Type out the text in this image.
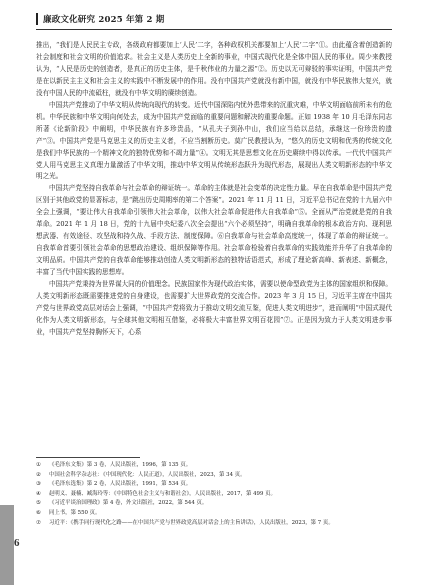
廉政文化研究 2025 年第 2 期

推出，“我们是人民民主专政，各级政府都要加上‘人民’二字，各种政权机关都要加上‘人民’二字”①。由此蕴含着创造新的社会制度和社会文明的价值追求。社会主义是人类历史上全新的事业，中国式现代化是全体中国人民的事业。周少来教授认为，“人民是历史的创造者，是真正的历史主体，是千秋伟业的力量之源”②。历史以无可辩驳的事实证明，中国共产党是在以新民主主义和社会主义的实践中不断发展中的作用。没有中国共产党就没有新中国，就没有中华民族伟大复兴，就没有中国人民的中流砥柱，就没有中华文明的赓续创造。

中国共产党推动了中华文明从传统向现代的转变。近代中国深陷内忧外患带来的沉重灾难，中华文明面临前所未有的危机。中华民族和中华文明向何处去，成为中国共产党面临的重要问题和解决的重要命题。正如 1938 年 10 月毛泽东同志所著《论新阶段》中阐明，中华民族有许多珍贵品，“从孔夫子到孙中山，我们应当给以总结，承继这一份珍贵的遗产”③。中国共产党是马克思主义的历史主义者，不应当割断历史。莫广民教授认为，“悠久的历史文明和优秀的传统文化是我们中华民族的一个精神文化的独特优势和不竭力量”④。文明无其是思想文化在历史赓续中得以传承。一代代中国共产党人用马克思主义真理力量激活了中华文明，推动中华文明从传统形态跃升为现代形态，展现出人类文明新形态的中华文明之光。

中国共产党坚持自我革命与社会革命的辩证统一。革命的主体就是社会变革的决定性力量。早在自我革命是中国共产党区别于其他政党的显著标志，是“跳出历史周期率的第二个答案”。2021 年 11 月 11 日，习近平总书记在党的十九届六中全会上强调，“要让伟大自我革命引领伟大社会革命，以伟大社会革命促进伟大自我革命”⑤。全面从严治党就是党的自我革命。2021 年 1 月 18 日，党的十九届中央纪委八次全会提出“六个必须坚持”，明确自我革命的根本政治方向、现利思想武器、有效途径、攻坚战和持久战、手段方法、制度保障。⑥自我革命与社会革命高度统一，体现了革命的辩证统一。自我革命首要引领社会革命的思想政治建设、组织保障等作用。社会革命检验着自我革命的实践效能并升华了自我革命的文明品质。中国共产党的自我革命能够推动创造人类文明新形态的独特话语范式，形成了理论新高峰、新表述、新概念，丰富了当代中国实践的思想库。

中国共产党秉持为世界谋大同的价值理念。民族国家作为现代政治实体，需要以使命型政党为主体的国家组织和保障。人类文明新形态既需要推进党的自身建设，也需要扩大世界政党的交流合作。2023 年 3 月 15 日，习近平主席在中国共产党与世界政党高层对话会上强调，“中国共产党将致力于推动文明交流互鉴，促进人类文明进步”，进而阐明“中国式现代化作为人类文明新形态，与全球其他文明相互借鉴，必将极大丰富世界文明百花园”⑦。正是因为致力于人类文明进步事业，中国共产党坚持胸怀天下，心系

①	《毛泽东文集》第 3 卷，人民出版社，1996，第 135 页。
②	中国社会科学杂志社：《中国现代化：人民正道》，人民出版社，2023，第 34 页。
③	《毛泽东选集》第 2 卷，人民出版社，1991，第 534 页。
④	赵明义、聂楠、臧海玲等：《中国特色社会主义与和谐社会》，人民出版社，2017，第 499 页。
⑤	《习近平谈治国理政》第 4 卷，外文出版社，2022，第 544 页。
⑥	同上书，第 550 页。
⑦	习近平：《携手同行现代化之路——在中国共产党与世界政党高层对话会上的主旨讲话》，人民出版社，2023，第 7 页。
6
